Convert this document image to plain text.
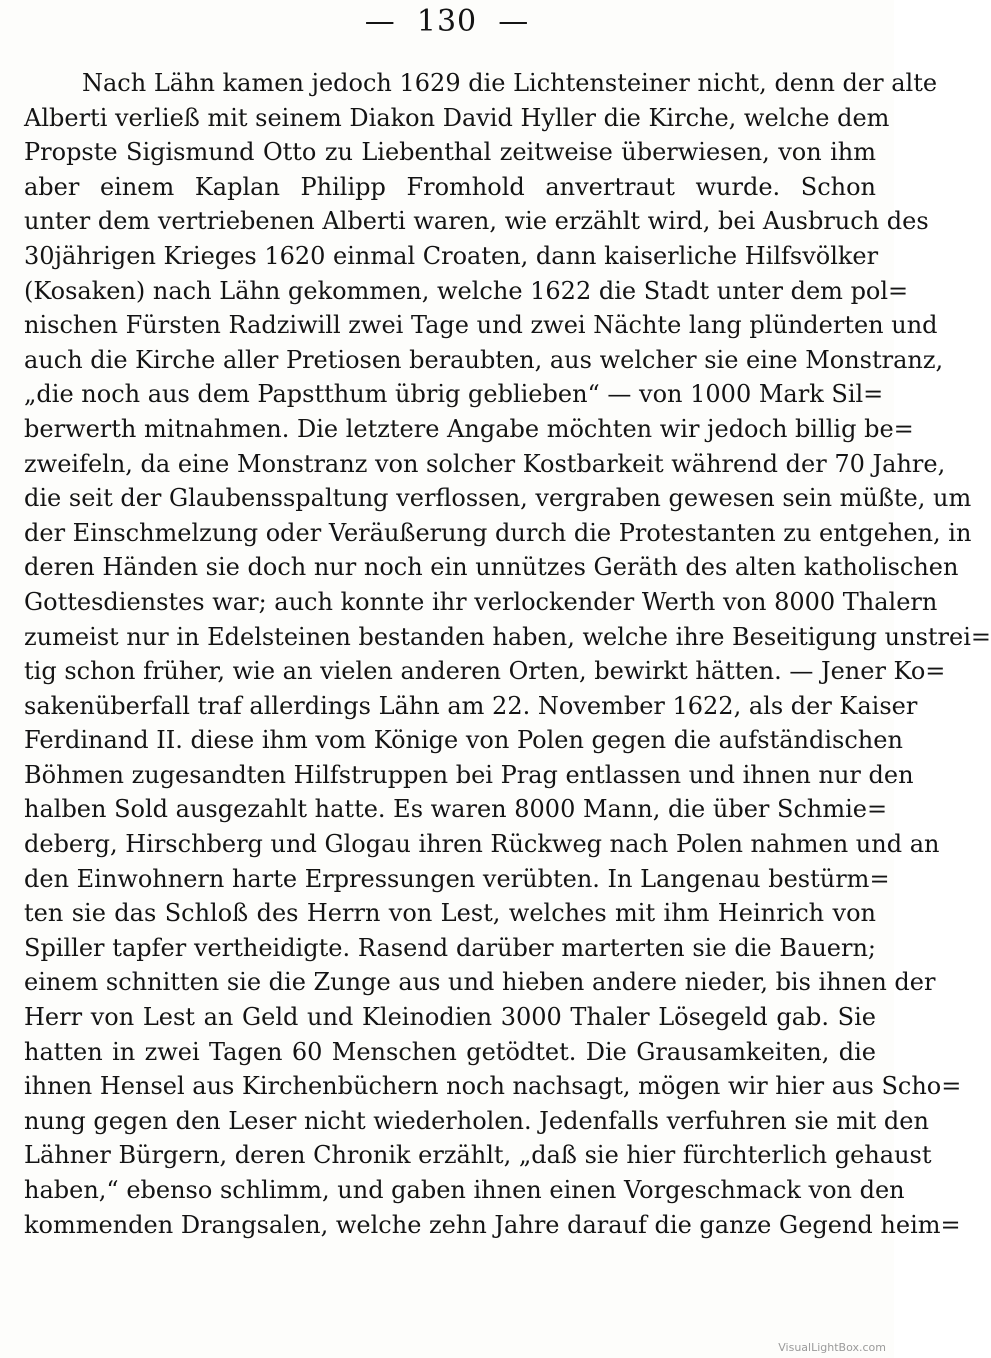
—  130  —
Nach Lähn kamen jedoch 1629 die Lichtensteiner nicht, denn der alte
Alberti verließ mit seinem Diakon David Hyller die Kirche, welche dem
Propste Sigismund Otto zu Liebenthal zeitweise überwiesen, von ihm
aber einem Kaplan Philipp Fromhold anvertraut wurde. Schon
unter dem vertriebenen Alberti waren, wie erzählt wird, bei Ausbruch des
30jährigen Krieges 1620 einmal Croaten, dann kaiserliche Hilfsvölker
(Kosaken) nach Lähn gekommen, welche 1622 die Stadt unter dem pol=
nischen Fürsten Radziwill zwei Tage und zwei Nächte lang plünderten und
auch die Kirche aller Pretiosen beraubten, aus welcher sie eine Monstranz,
„die noch aus dem Papstthum übrig geblieben“ — von 1000 Mark Sil=
berwerth mitnahmen. Die letztere Angabe möchten wir jedoch billig be=
zweifeln, da eine Monstranz von solcher Kostbarkeit während der 70 Jahre,
die seit der Glaubensspaltung verflossen, vergraben gewesen sein müßte, um
der Einschmelzung oder Veräußerung durch die Protestanten zu entgehen, in
deren Händen sie doch nur noch ein unnützes Geräth des alten katholischen
Gottesdienstes war; auch konnte ihr verlockender Werth von 8000 Thalern
zumeist nur in Edelsteinen bestanden haben, welche ihre Beseitigung unstrei=
tig schon früher, wie an vielen anderen Orten, bewirkt hätten. — Jener Ko=
sakenüberfall traf allerdings Lähn am 22. November 1622, als der Kaiser
Ferdinand II. diese ihm vom Könige von Polen gegen die aufständischen
Böhmen zugesandten Hilfstruppen bei Prag entlassen und ihnen nur den
halben Sold ausgezahlt hatte. Es waren 8000 Mann, die über Schmie=
deberg, Hirschberg und Glogau ihren Rückweg nach Polen nahmen und an
den Einwohnern harte Erpressungen verübten. In Langenau bestürm=
ten sie das Schloß des Herrn von Lest, welches mit ihm Heinrich von
Spiller tapfer vertheidigte. Rasend darüber marterten sie die Bauern;
einem schnitten sie die Zunge aus und hieben andere nieder, bis ihnen der
Herr von Lest an Geld und Kleinodien 3000 Thaler Lösegeld gab. Sie
hatten in zwei Tagen 60 Menschen getödtet. Die Grausamkeiten, die
ihnen Hensel aus Kirchenbüchern noch nachsagt, mögen wir hier aus Scho=
nung gegen den Leser nicht wiederholen. Jedenfalls verfuhren sie mit den
Lähner Bürgern, deren Chronik erzählt, „daß sie hier fürchterlich gehaust
haben,“ ebenso schlimm, und gaben ihnen einen Vorgeschmack von den
kommenden Drangsalen, welche zehn Jahre darauf die ganze Gegend heim=
VisualLightBox.com
